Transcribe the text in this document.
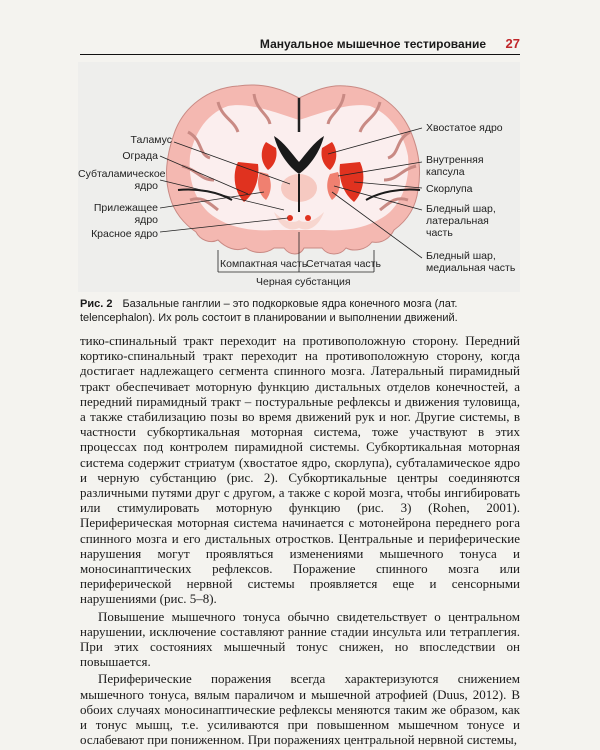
Мануальное мышечное тестирование 27
Таламус
Ограда
Субталамическое ядро
Прилежащее ядро
Красное ядро
Хвостатое ядро
Внутренняя капсула
Скорлупа
Бледный шар, латеральная часть
Бледный шар, медиальная часть
Компактная часть
Сетчатая часть
Черная субстанция
Рис. 2 Базальные ганглии – это подкорковые ядра конечного мозга (лат. telencephalon). Их роль состоит в планировании и выполнении движений.

тико-спинальный тракт переходит на противоположную сторону. Передний кортико-спинальный тракт переходит на противоположную сторону, когда достигает надлежащего сегмента спинного мозга. Латеральный пирамидный тракт обеспечивает моторную функцию дистальных отделов конечностей, а передний пирамидный тракт – постуральные рефлексы и движения туловища, а также стабилизацию позы во время движений рук и ног. Другие системы, в частности субкортикальная моторная система, тоже участвуют в этих процессах под контролем пирамидной системы. Субкортикальная моторная система содержит стриатум (хвостатое ядро, скорлупа), субталамическое ядро и черную субстанцию (рис. 2). Субкортикальные центры соединяются различными путями друг с другом, а также с корой мозга, чтобы ингибировать или стимулировать моторную функцию (рис. 3) (Rohen, 2001). Периферическая моторная система начинается с мотонейрона переднего рога спинного мозга и его дистальных отростков. Центральные и периферические нарушения могут проявляться изменениями мышечного тонуса и моносинаптических рефлексов. Поражение спинного мозга или периферической нервной системы проявляется еще и сенсорными нарушениями (рис. 5–8).

Повышение мышечного тонуса обычно свидетельствует о центральном нарушении, исключение составляют ранние стадии инсульта или тетраплегия. При этих состояниях мышечный тонус снижен, но впоследствии он повышается.

Периферические поражения всегда характеризуются снижением мышечного тонуса, вялым параличом и мышечной атрофией (Duus, 2012). В обоих случаях моносинаптические рефлексы меняются таким же образом, как и тонус мышц, т.е. усиливаются при повышенном мышечном тонусе и ослабевают при пониженном. При поражениях центральной нервной системы,
